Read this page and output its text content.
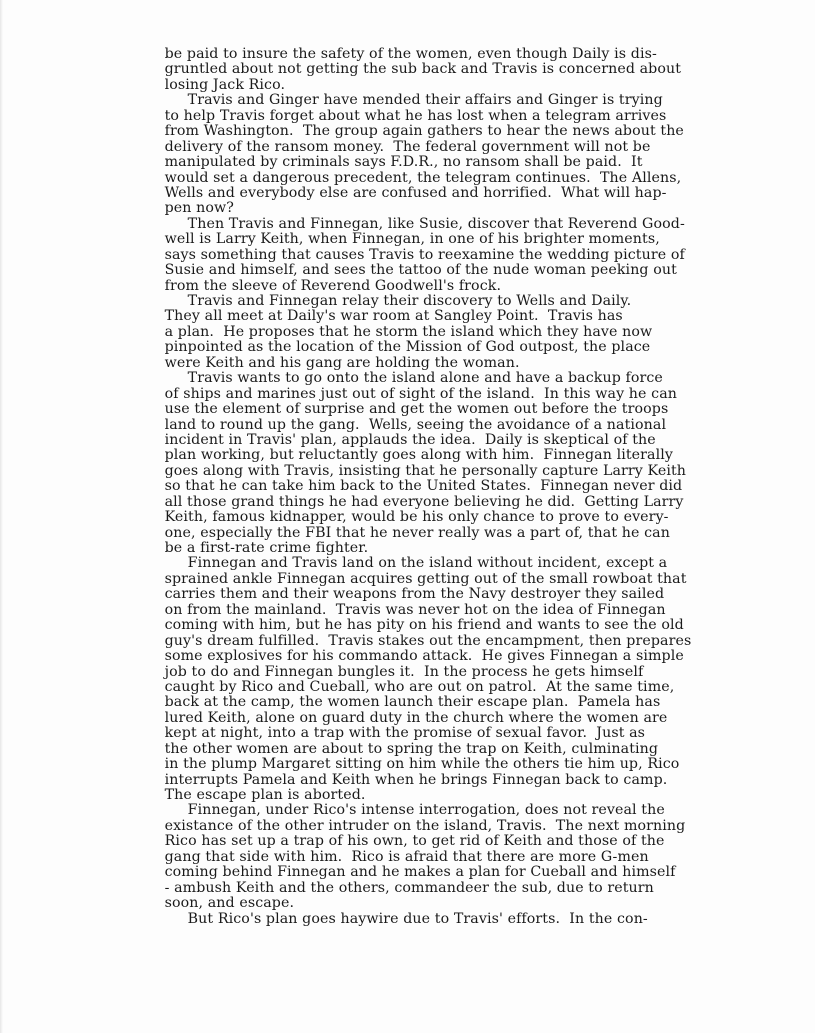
be paid to insure the safety of the women, even though Daily is dis-
gruntled about not getting the sub back and Travis is concerned about
losing Jack Rico.
Travis and Ginger have mended their affairs and Ginger is trying
to help Travis forget about what he has lost when a telegram arrives
from Washington.  The group again gathers to hear the news about the
delivery of the ransom money.  The federal government will not be
manipulated by criminals says F.D.R., no ransom shall be paid.  It
would set a dangerous precedent, the telegram continues.  The Allens,
Wells and everybody else are confused and horrified.  What will hap-
pen now?
Then Travis and Finnegan, like Susie, discover that Reverend Good-
well is Larry Keith, when Finnegan, in one of his brighter moments,
says something that causes Travis to reexamine the wedding picture of
Susie and himself, and sees the tattoo of the nude woman peeking out
from the sleeve of Reverend Goodwell's frock.
Travis and Finnegan relay their discovery to Wells and Daily.
They all meet at Daily's war room at Sangley Point.  Travis has
a plan.  He proposes that he storm the island which they have now
pinpointed as the location of the Mission of God outpost, the place
were Keith and his gang are holding the woman.
Travis wants to go onto the island alone and have a backup force
of ships and marines just out of sight of the island.  In this way he can
use the element of surprise and get the women out before the troops
land to round up the gang.  Wells, seeing the avoidance of a national
incident in Travis' plan, applauds the idea.  Daily is skeptical of the
plan working, but reluctantly goes along with him.  Finnegan literally
goes along with Travis, insisting that he personally capture Larry Keith
so that he can take him back to the United States.  Finnegan never did
all those grand things he had everyone believing he did.  Getting Larry
Keith, famous kidnapper, would be his only chance to prove to every-
one, especially the FBI that he never really was a part of, that he can
be a first-rate crime fighter.
Finnegan and Travis land on the island without incident, except a
sprained ankle Finnegan acquires getting out of the small rowboat that
carries them and their weapons from the Navy destroyer they sailed
on from the mainland.  Travis was never hot on the idea of Finnegan
coming with him, but he has pity on his friend and wants to see the old
guy's dream fulfilled.  Travis stakes out the encampment, then prepares
some explosives for his commando attack.  He gives Finnegan a simple
job to do and Finnegan bungles it.  In the process he gets himself
caught by Rico and Cueball, who are out on patrol.  At the same time,
back at the camp, the women launch their escape plan.  Pamela has
lured Keith, alone on guard duty in the church where the women are
kept at night, into a trap with the promise of sexual favor.  Just as
the other women are about to spring the trap on Keith, culminating
in the plump Margaret sitting on him while the others tie him up, Rico
interrupts Pamela and Keith when he brings Finnegan back to camp.
The escape plan is aborted.
Finnegan, under Rico's intense interrogation, does not reveal the
existance of the other intruder on the island, Travis.  The next morning
Rico has set up a trap of his own, to get rid of Keith and those of the
gang that side with him.  Rico is afraid that there are more G-men
coming behind Finnegan and he makes a plan for Cueball and himself
- ambush Keith and the others, commandeer the sub, due to return
soon, and escape.
But Rico's plan goes haywire due to Travis' efforts.  In the con-
